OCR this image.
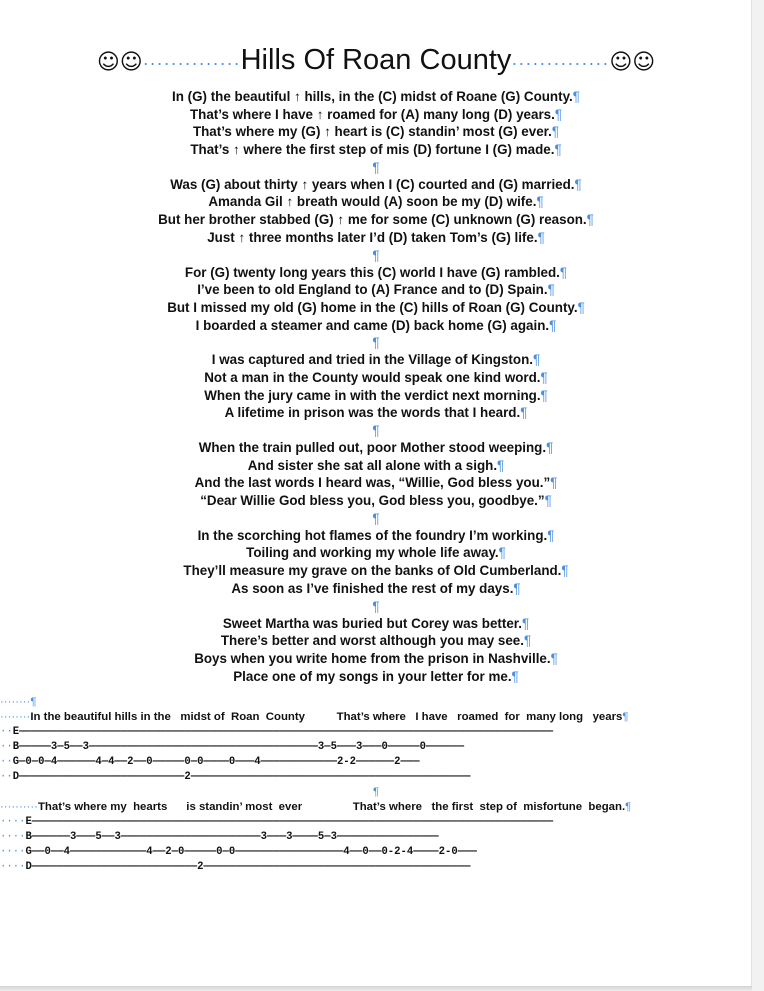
☺☺··············Hills Of Roan County··············☺☺
In (G) the beautiful ↑ hills, in the (C) midst of Roane (G) County.¶
That’s where I have ↑ roamed for (A) many long (D) years.¶
That’s where my (G) ↑ heart is (C) standin’ most (G) ever.¶
That’s ↑ where the first step of mis (D) fortune I (G) made.¶
¶
Was (G) about thirty ↑ years when I (C) courted and (G) married.¶
Amanda Gil ↑ breath would (A) soon be my (D) wife.¶
But her brother stabbed (G) ↑ me for some (C) unknown (G) reason.¶
Just ↑ three months later I’d (D) taken Tom’s (G) life.¶
¶
For (G) twenty long years this (C) world I have (G) rambled.¶
I’ve been to old England to (A) France and to (D) Spain.¶
But I missed my old (G) home in the (C) hills of Roan (G) County.¶
I boarded a steamer and came (D) back home (G) again.¶
¶
I was captured and tried in the Village of Kingston.¶
Not a man in the County would speak one kind word.¶
When the jury came in with the verdict next morning.¶
A lifetime in prison was the words that I heard.¶
¶
When the train pulled out, poor Mother stood weeping.¶
And sister she sat all alone with a sigh.¶
And the last words I heard was, “Willie, God bless you.”¶
“Dear Willie God bless you, God bless you, goodbye.”¶
¶
In the scorching hot flames of the foundry I’m working.¶
Toiling and working my whole life away.¶
They’ll measure my grave on the banks of Old Cumberland.¶
As soon as I’ve finished the rest of my days.¶
¶
Sweet Martha was buried but Corey was better.¶
There’s better and worst although you may see.¶
Boys when you write home from the prison in Nashville.¶
Place one of my songs in your letter for me.¶
········¶
········In the beautiful hills in the   midst of  Roan  County          That’s where   I have   roamed  for  many long   years¶
··E————————————————————————————————————————————————————————————————————————————————————
··B—————3—5——3————————————————————————————————————3—5———3———0—————0——————
··G—0—0—4——————4—4——2——0—————0—0————0———4————————————2-2——————2———
··D——————————————————————————2————————————————————————————————————————————
¶
··········That’s where my  hearts      is standin’ most  ever                That’s where   the first  step of  misfortune  began.¶
····E——————————————————————————————————————————————————————————————————————————————————
····B——————3———5——3——————————————————————3———3————5—3————————————————
····G——0——4————————————4——2—0—————0—0—————————————————4——0——0-2-4————2-0———
····D——————————————————————————2——————————————————————————————————————————
